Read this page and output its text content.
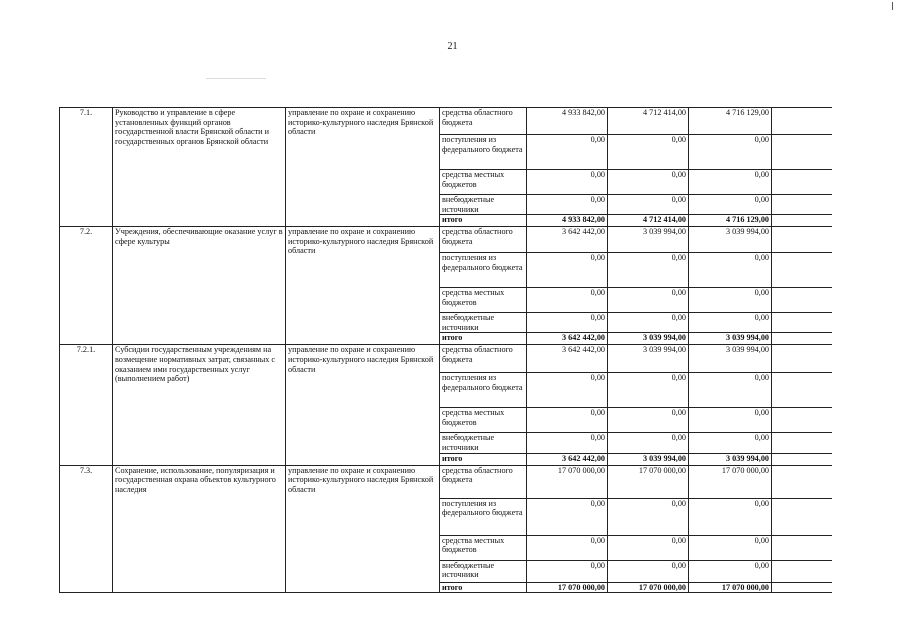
21
7.1.	Руководство и управление в сфере установленных функций органов государственной власти Брянской области и государственных органов Брянской области	управление по охране и сохранению историко-культурного наследия Брянской области	средства областного бюджета	4 933 842,00	4 712 414,00	4 716 129,00	
			поступления из федерального бюджета	0,00	0,00	0,00	
			средства местных бюджетов	0,00	0,00	0,00	
			внебюджетные источники	0,00	0,00	0,00	
			итого	4 933 842,00	4 712 414,00	4 716 129,00	
7.2.	Учреждения, обеспечивающие оказание услуг в сфере культуры	управление по охране и сохранению историко-культурного наследия Брянской области	средства областного бюджета	3 642 442,00	3 039 994,00	3 039 994,00	
			поступления из федерального бюджета	0,00	0,00	0,00	
			средства местных бюджетов	0,00	0,00	0,00	
			внебюджетные источники	0,00	0,00	0,00	
			итого	3 642 442,00	3 039 994,00	3 039 994,00	
7.2.1.	Субсидии государственным учреждениям на возмещение нормативных затрат, связанных с оказанием ими государственных услуг (выполнением работ)	управление по охране и сохранению историко-культурного наследия Брянской области	средства областного бюджета	3 642 442,00	3 039 994,00	3 039 994,00	
			поступления из федерального бюджета	0,00	0,00	0,00	
			средства местных бюджетов	0,00	0,00	0,00	
			внебюджетные источники	0,00	0,00	0,00	
			итого	3 642 442,00	3 039 994,00	3 039 994,00	
7.3.	Сохранение, использование, популяризация и государственная охрана объектов культурного наследия	управление по охране и сохранению историко-культурного наследия Брянской области	средства областного бюджета	17 070 000,00	17 070 000,00	17 070 000,00	
			поступления из федерального бюджета	0,00	0,00	0,00	
			средства местных бюджетов	0,00	0,00	0,00	
			внебюджетные источники	0,00	0,00	0,00	
			итого	17 070 000,00	17 070 000,00	17 070 000,00	
